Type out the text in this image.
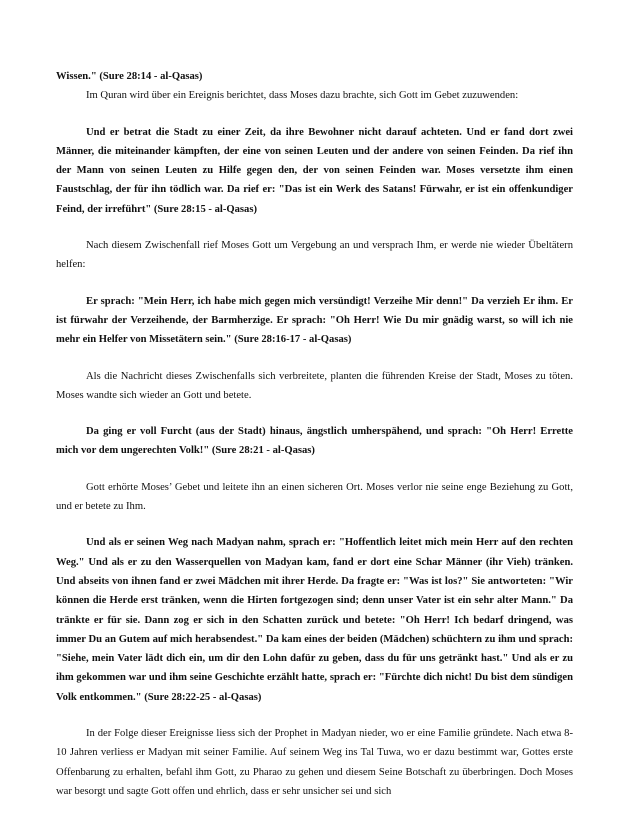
Wissen." (Sure 28:14 - al-Qasas)

Im Quran wird über ein Ereignis berichtet, dass Moses dazu brachte, sich Gott im Gebet zuzuwenden:

Und er betrat die Stadt zu einer Zeit, da ihre Bewohner nicht darauf achteten. Und er fand dort zwei Männer, die miteinander kämpften, der eine von seinen Leuten und der andere von seinen Feinden. Da rief ihn der Mann von seinen Leuten zu Hilfe gegen den, der von seinen Feinden war. Moses versetzte ihm einen Faustschlag, der für ihn tödlich war. Da rief er: "Das ist ein Werk des Satans! Fürwahr, er ist ein offenkundiger Feind, der irreführt" (Sure 28:15 - al-Qasas)

Nach diesem Zwischenfall rief Moses Gott um Vergebung an und versprach Ihm, er werde nie wieder Übeltätern helfen:

Er sprach: "Mein Herr, ich habe mich gegen mich versündigt! Verzeihe Mir denn!" Da verzieh Er ihm. Er ist fürwahr der Verzeihende, der Barmherzige. Er sprach: "Oh Herr! Wie Du mir gnädig warst, so will ich nie mehr ein Helfer von Missetätern sein." (Sure 28:16-17 - al-Qasas)

Als die Nachricht dieses Zwischenfalls sich verbreitete, planten die führenden Kreise der Stadt, Moses zu töten. Moses wandte sich wieder an Gott und betete.

Da ging er voll Furcht (aus der Stadt) hinaus, ängstlich umherspähend, und sprach: "Oh Herr! Errette mich vor dem ungerechten Volk!" (Sure 28:21 - al-Qasas)

Gott erhörte Moses’ Gebet und leitete ihn an einen sicheren Ort. Moses verlor nie seine enge Beziehung zu Gott, und er betete zu Ihm.

Und als er seinen Weg nach Madyan nahm, sprach er: "Hoffentlich leitet mich mein Herr auf den rechten Weg." Und als er zu den Wasserquellen von Madyan kam, fand er dort eine Schar Männer (ihr Vieh) tränken. Und abseits von ihnen fand er zwei Mädchen mit ihrer Herde. Da fragte er: "Was ist los?" Sie antworteten: "Wir können die Herde erst tränken, wenn die Hirten fortgezogen sind; denn unser Vater ist ein sehr alter Mann." Da tränkte er für sie. Dann zog er sich in den Schatten zurück und betete: "Oh Herr! Ich bedarf dringend, was immer Du an Gutem auf mich herabsendest." Da kam eines der beiden (Mädchen) schüchtern zu ihm und sprach: "Siehe, mein Vater lädt dich ein, um dir den Lohn dafür zu geben, dass du für uns getränkt hast." Und als er zu ihm gekommen war und ihm seine Geschichte erzählt hatte, sprach er: "Fürchte dich nicht! Du bist dem sündigen Volk entkommen." (Sure 28:22-25 - al-Qasas)

In der Folge dieser Ereignisse liess sich der Prophet in Madyan nieder, wo er eine Familie gründete. Nach etwa 8-10 Jahren verliess er Madyan mit seiner Familie. Auf seinem Weg ins Tal Tuwa, wo er dazu bestimmt war, Gottes erste Offenbarung zu erhalten, befahl ihm Gott, zu Pharao zu gehen und diesem Seine Botschaft zu überbringen. Doch Moses war besorgt und sagte Gott offen und ehrlich, dass er sehr unsicher sei und sich
